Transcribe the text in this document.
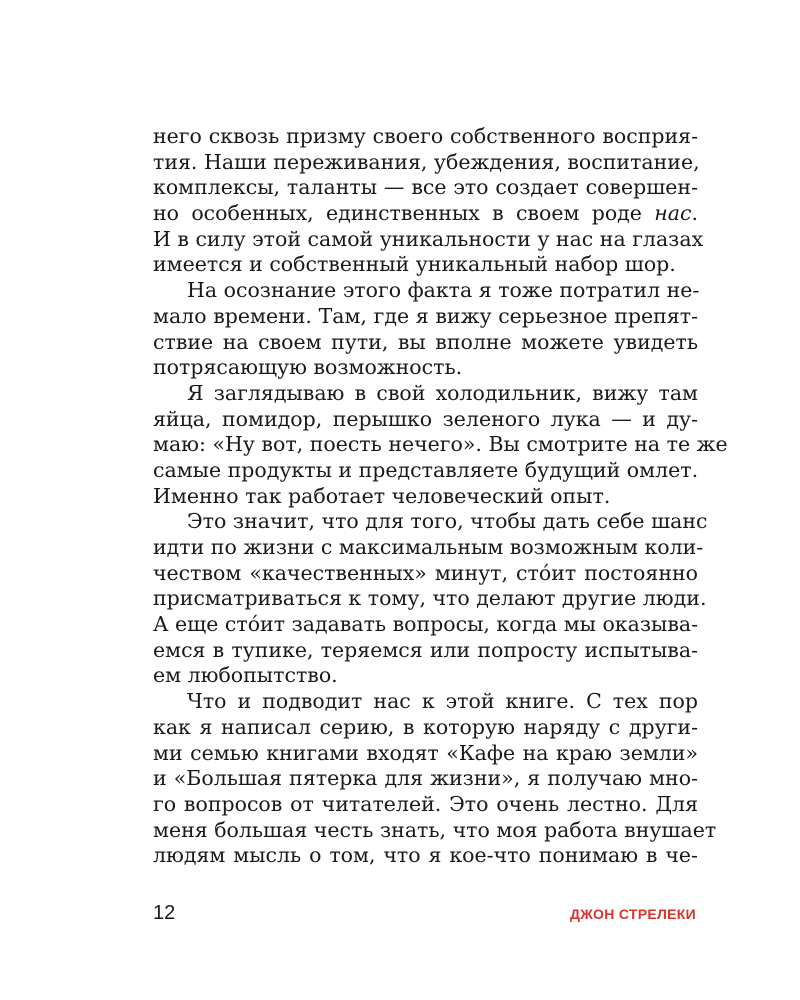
него сквозь призму своего собственного восприя-
тия. Наши переживания, убеждения, воспитание,
комплексы, таланты — все это создает совершен-
но особенных, единственных в своем роде нас.
И в силу этой самой уникальности у нас на глазах
имеется и собственный уникальный набор шор.
На осознание этого факта я тоже потратил не-
мало времени. Там, где я вижу серьезное препят-
ствие на своем пути, вы вполне можете увидеть
потрясающую возможность.
Я заглядываю в свой холодильник, вижу там
яйца, помидор, перышко зеленого лука — и ду-
маю: «Ну вот, поесть нечего». Вы смотрите на те же
самые продукты и представляете будущий омлет.
Именно так работает человеческий опыт.
Это значит, что для того, чтобы дать себе шанс
идти по жизни с максимальным возможным коли-
чеством «качественных» минут, сто́ит постоянно
присматриваться к тому, что делают другие люди.
А еще сто́ит задавать вопросы, когда мы оказыва-
емся в тупике, теряемся или попросту испытыва-
ем любопытство.
Что и подводит нас к этой книге. С тех пор
как я написал серию, в которую наряду с други-
ми семью книгами входят «Кафе на краю земли»
и «Большая пятерка для жизни», я получаю мно-
го вопросов от читателей. Это очень лестно. Для
меня большая честь знать, что моя работа внушает
людям мысль о том, что я кое-что понимаю в че-
12	ДЖОН СТРЕЛЕКИ
